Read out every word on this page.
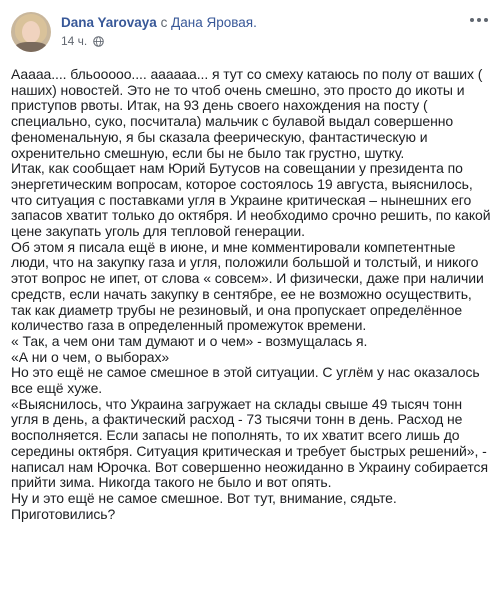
Dana Yarovaya с Дана Яровая.
14 ч.

Ааааа.... бльооооо.... аааааа... я тут со смеху катаюсь по полу от ваших ( наших) новостей. Это не то чтоб очень смешно, это просто до икоты и приступов рвоты. Итак, на 93 день своего нахождения на посту ( специально, суко, посчитала) мальчик с булавой выдал совершенно феноменальную, я бы сказала феерическую, фантастическую и охренительно смешную, если бы не было так грустно, шутку.

Итак, как сообщает нам Юрий Бутусов на совещании у президента по энергетическим вопросам, которое состоялось 19 августа, выяснилось, что ситуация с поставками угля в Украине критическая – нынешних его запасов хватит только до октября. И необходимо срочно решить, по какой цене закупать уголь для тепловой генерации.

Об этом я писала ещё в июне, и мне комментировали компетентные люди, что на закупку газа и угля, положили большой и толстый, и никого этот вопрос не ипет, от слова « совсем». И физически, даже при наличии средств, если начать закупку в сентябре, ее не возможно осуществить, так как диаметр трубы не резиновый, и она пропускает определённое количество газа в определенный промежуток времени.

« Так, а чем они там думают и о чем» - возмущалась я.

«А ни о чем, о выборах»

Но это ещё не самое смешное в этой ситуации. С углём у нас оказалось все ещё хуже.

«Выяснилось, что Украина загружает на склады свыше 49 тысяч тонн угля в день, а фактический расход - 73 тысячи тонн в день. Расход не восполняется. Если запасы не пополнять, то их хватит всего лишь до середины октября. Ситуация критическая и требует быстрых решений», - написал нам Юрочка. Вот совершенно неожиданно в Украину собирается прийти зима. Никогда такого не было и вот опять.

Ну и это ещё не самое смешное. Вот тут, внимание, сядьте. Приготовились?
